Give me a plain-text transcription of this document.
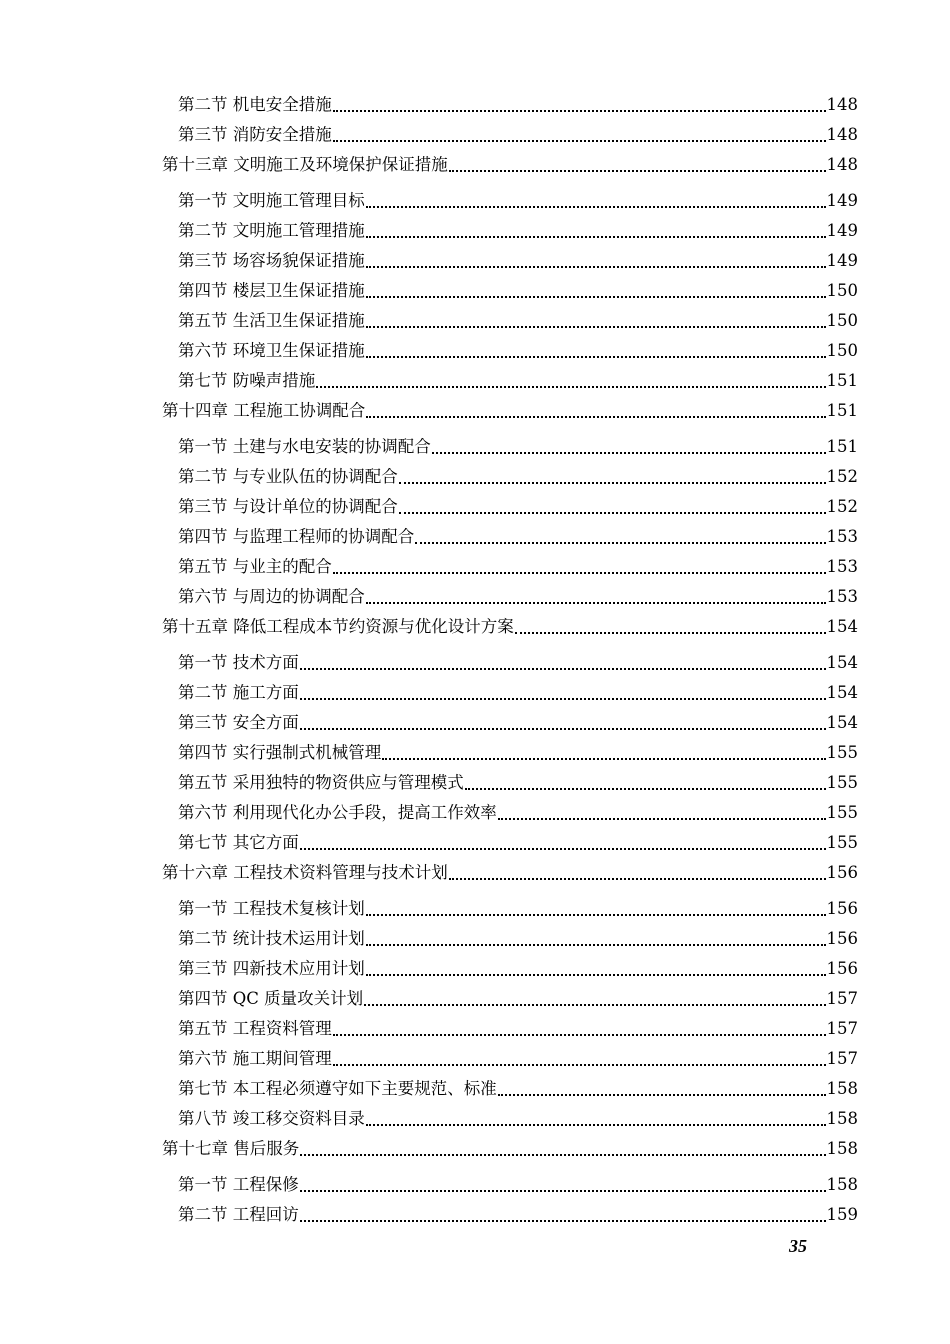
第二节 机电安全措施	148
第三节 消防安全措施	148
第十三章 文明施工及环境保护保证措施	148
第一节 文明施工管理目标	149
第二节 文明施工管理措施	149
第三节 场容场貌保证措施	149
第四节 楼层卫生保证措施	150
第五节 生活卫生保证措施	150
第六节 环境卫生保证措施	150
第七节 防噪声措施	151
第十四章 工程施工协调配合	151
第一节 土建与水电安装的协调配合	151
第二节 与专业队伍的协调配合	152
第三节 与设计单位的协调配合	152
第四节 与监理工程师的协调配合	153
第五节 与业主的配合	153
第六节 与周边的协调配合	153
第十五章 降低工程成本节约资源与优化设计方案	154
第一节 技术方面	154
第二节 施工方面	154
第三节 安全方面	154
第四节 实行强制式机械管理	155
第五节 采用独特的物资供应与管理模式	155
第六节 利用现代化办公手段，提高工作效率	155
第七节 其它方面	155
第十六章 工程技术资料管理与技术计划	156
第一节 工程技术复核计划	156
第二节 统计技术运用计划	156
第三节 四新技术应用计划	156
第四节 QC 质量攻关计划	157
第五节 工程资料管理	157
第六节 施工期间管理	157
第七节 本工程必须遵守如下主要规范、标准	158
第八节 竣工移交资料目录	158
第十七章 售后服务	158
第一节 工程保修	158
第二节 工程回访	159
35
